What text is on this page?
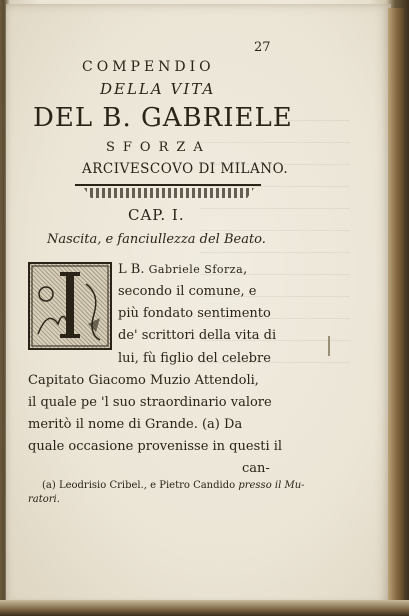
27
COMPENDIO
DELLA VITA
DEL B. GABRIELE
SFORZA
ARCIVESCOVO DI MILANO.
CAP. I.
Nascita, e fanciullezza del Beato.
L B. Gabriele Sforza,
secondo il comune, e
più fondato sentimento
de' scrittori della vita di
lui, fù figlio del celebre
Capitato Giacomo Muzio Attendoli,
il quale pe 'l suo straordinario valore
meritò il nome di Grande. (a) Da
quale occasione provenisse in questi il
can-
(a) Leodrisio Cribel., e Pietro Candido presso il Mu-
ratori.
